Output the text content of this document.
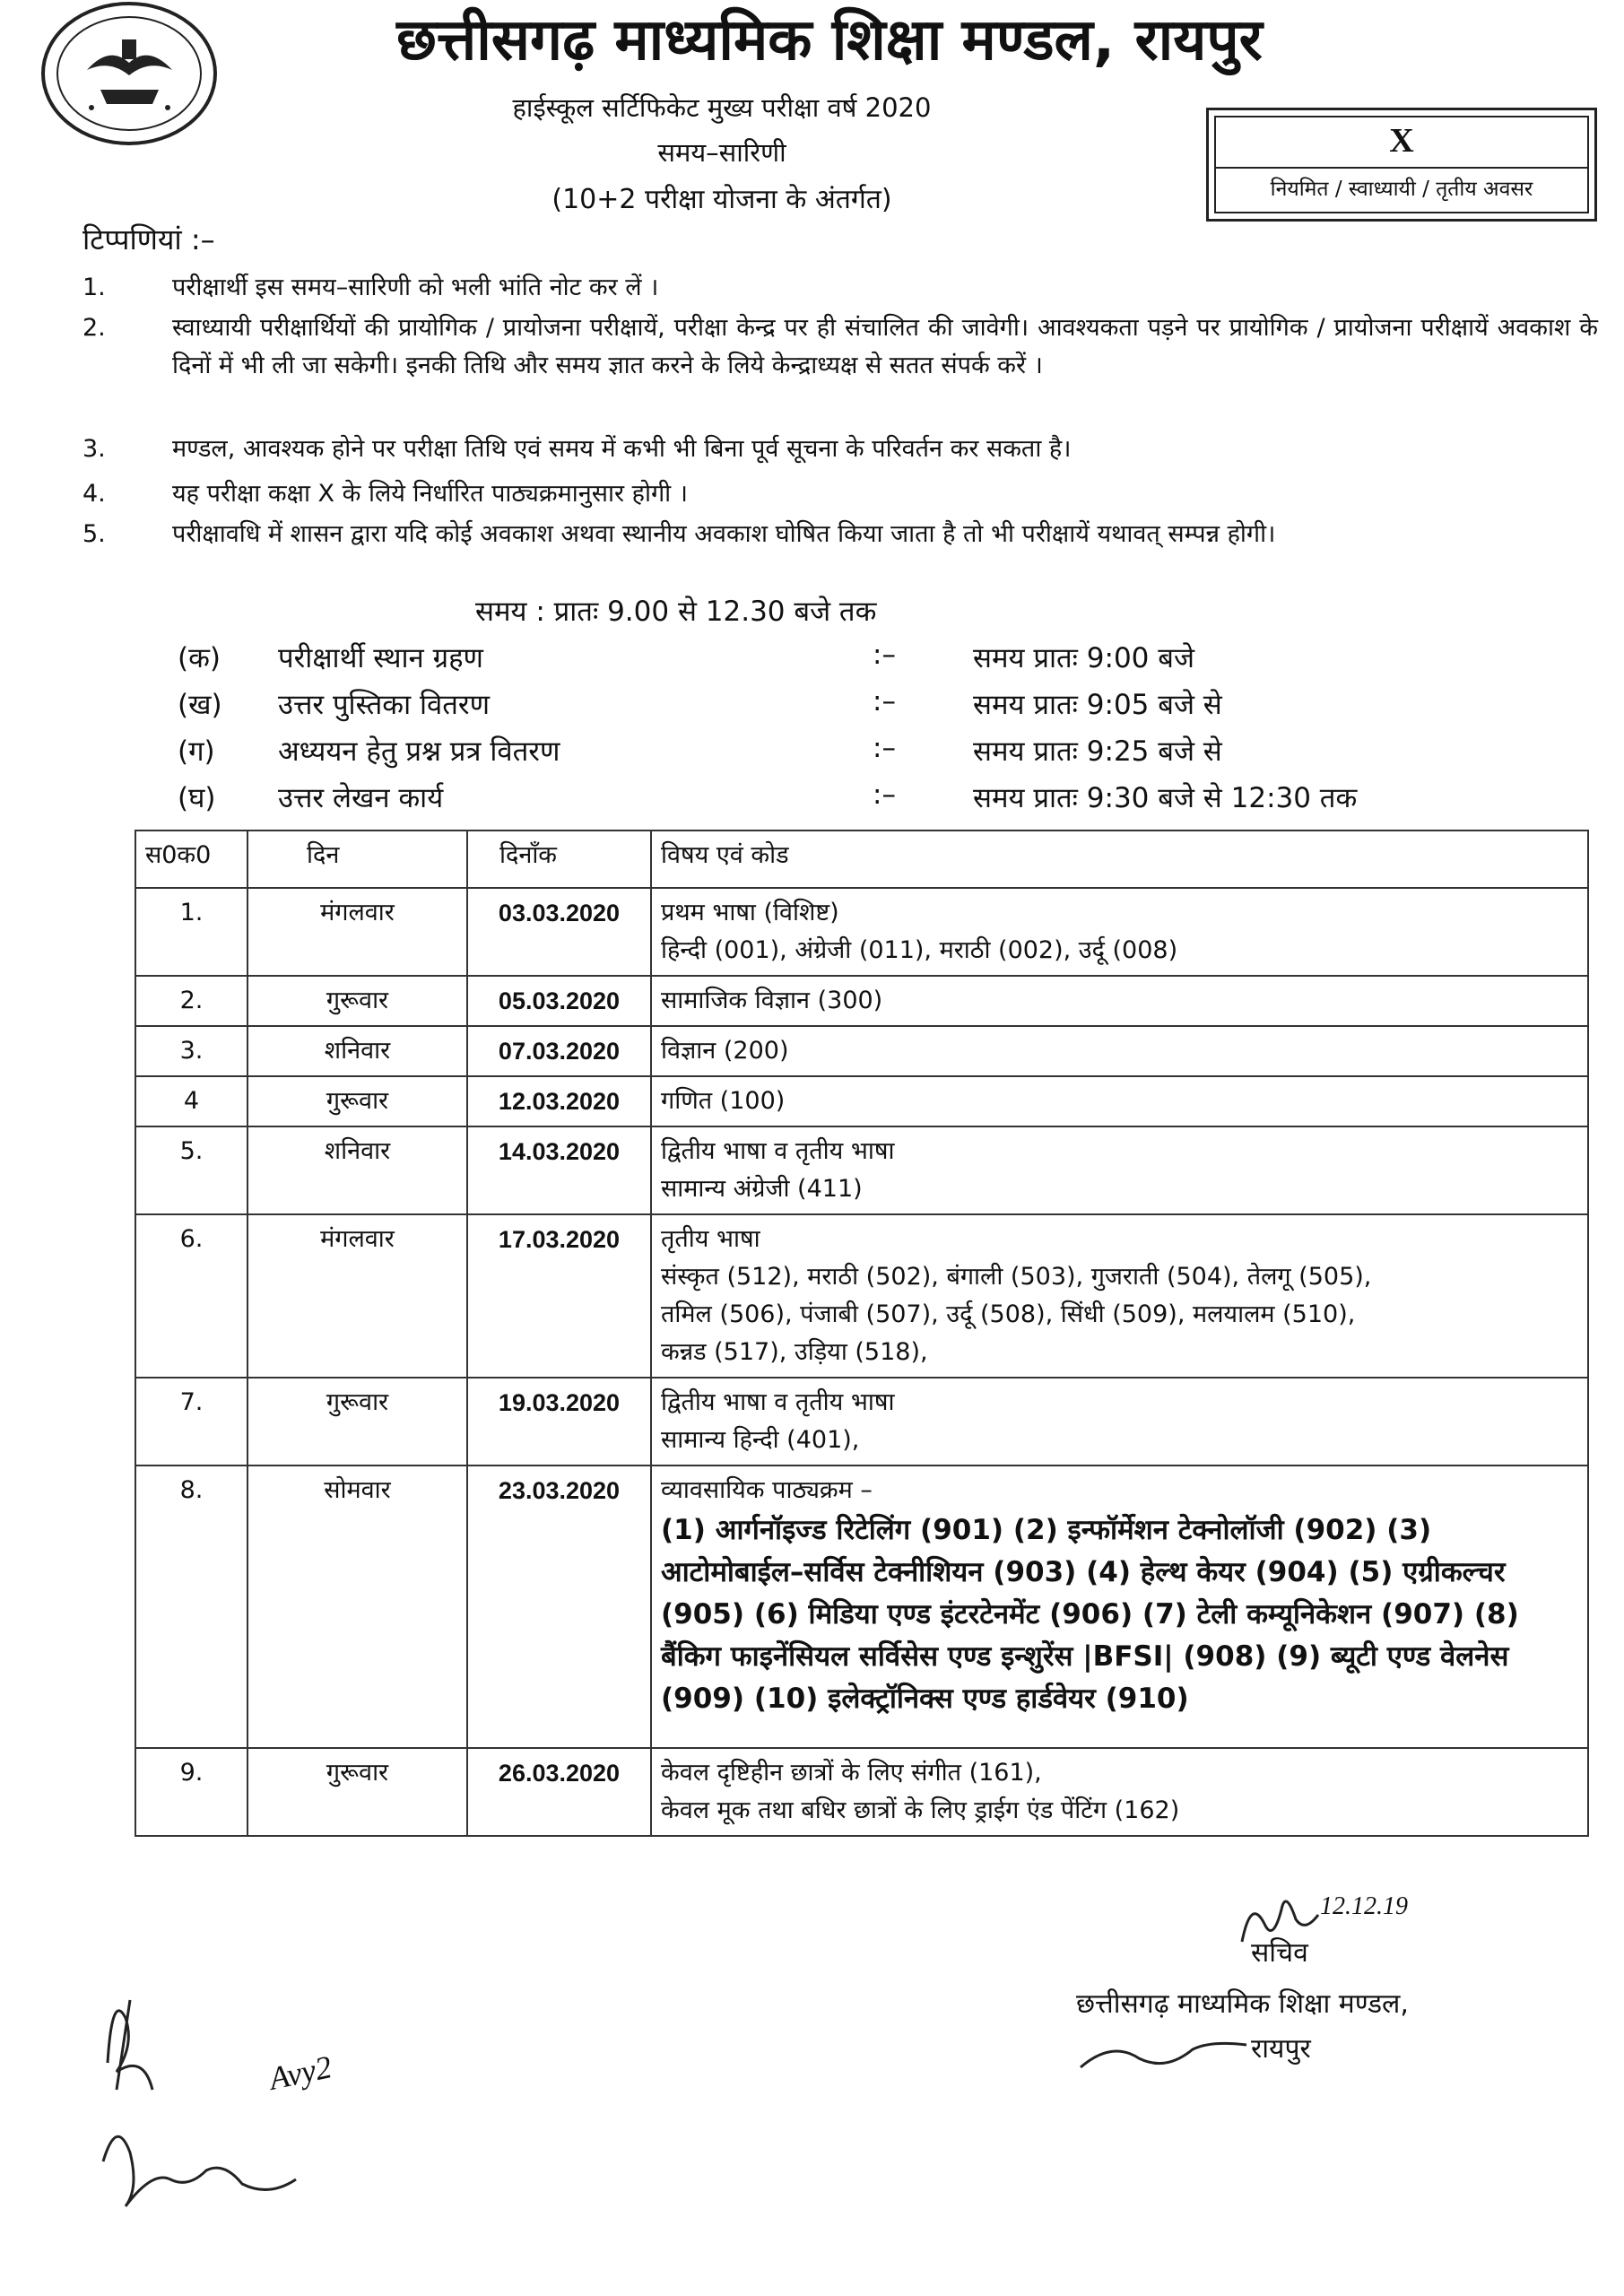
छत्तीसगढ़ माध्यमिक शिक्षा मण्डल, रायपुर
हाईस्कूल सर्टिफिकेट मुख्य परीक्षा वर्ष 2020
समय–सारिणी
(10+2 परीक्षा योजना के अंतर्गत)
X
नियमित / स्वाध्यायी / तृतीय अवसर
टिप्पणियां :–
1.	परीक्षार्थी इस समय–सारिणी को भली भांति नोट कर लें ।
2.	स्वाध्यायी परीक्षार्थियों की प्रायोगिक / प्रायोजना परीक्षायें, परीक्षा केन्द्र पर ही संचालित की जावेगी। आवश्यकता पड़ने पर प्रायोगिक / प्रायोजना परीक्षायें अवकाश के दिनों में भी ली जा सकेगी। इनकी तिथि और समय ज्ञात करने के लिये केन्द्राध्यक्ष से सतत संपर्क करें ।
3.	मण्डल, आवश्यक होने पर परीक्षा तिथि एवं समय में कभी भी बिना पूर्व सूचना के परिवर्तन कर सकता है।
4.	यह परीक्षा कक्षा X के लिये निर्धारित पाठ्यक्रमानुसार होगी ।
5.	परीक्षावधि में शासन द्वारा यदि कोई अवकाश अथवा स्थानीय अवकाश घोषित किया जाता है तो भी परीक्षायें यथावत् सम्पन्न होगी।
समय : प्रातः 9.00 से 12.30 बजे तक
(क) परीक्षार्थी स्थान ग्रहण	:–	समय प्रातः 9:00 बजे
(ख) उत्तर पुस्तिका वितरण	:–	समय प्रातः 9:05 बजे से
(ग) अध्ययन हेतु प्रश्न प्रत्र वितरण	:–	समय प्रातः 9:25 बजे से
(घ) उत्तर लेखन कार्य	:–	समय प्रातः 9:30 बजे से 12:30 तक
स0क0	दिन	दिनाँक	विषय एवं कोड
1.	मंगलवार	03.03.2020	प्रथम भाषा (विशिष्ट)
हिन्दी (001), अंग्रेजी (011), मराठी (002), उर्दू (008)

2.	गुरूवार	05.03.2020	सामाजिक विज्ञान (300)

3.	शनिवार	07.03.2020	विज्ञान (200)

4	गुरूवार	12.03.2020	गणित (100)

5.	शनिवार	14.03.2020	द्वितीय भाषा व तृतीय भाषा
सामान्य अंग्रेजी (411)

6.	मंगलवार	17.03.2020	तृतीय भाषा
संस्कृत (512), मराठी (502), बंगाली (503), गुजराती (504), तेलगू (505),
तमिल (506), पंजाबी (507), उर्दू (508), सिंधी (509), मलयालम (510),
कन्नड (517), उड़िया (518),

7.	गुरूवार	19.03.2020	द्वितीय भाषा व तृतीय भाषा
सामान्य हिन्दी (401),

8.	सोमवार	23.03.2020	व्यावसायिक पाठ्यक्रम –
(1) आर्गनॉइज्ड रिटेलिंग (901) (2) इन्फॉर्मेशन टेक्नोलॉजी (902) (3) आटोमोबाईल–सर्विस टेक्नीशियन (903) (4) हेल्थ केयर (904) (5) एग्रीकल्चर (905) (6) मिडिया एण्ड इंटरटेनमेंट (906) (7) टेली कम्यूनिकेशन (907) (8) बैंकिग फाइनेंसियल सर्विसेस एण्ड इन्शुरेंस |BFSI| (908) (9) ब्यूटी एण्ड वेलनेस (909) (10) इलेक्ट्रॉनिक्स एण्ड हार्डवेयर (910)

9.	गुरूवार	26.03.2020	केवल दृष्टिहीन छात्रों के लिए संगीत (161),
केवल मूक तथा बधिर छात्रों के लिए ड्राईग एंड पेंटिंग (162)
12.12.19
सचिव
छत्तीसगढ़ माध्यमिक शिक्षा मण्डल,
रायपुर
Avy2
